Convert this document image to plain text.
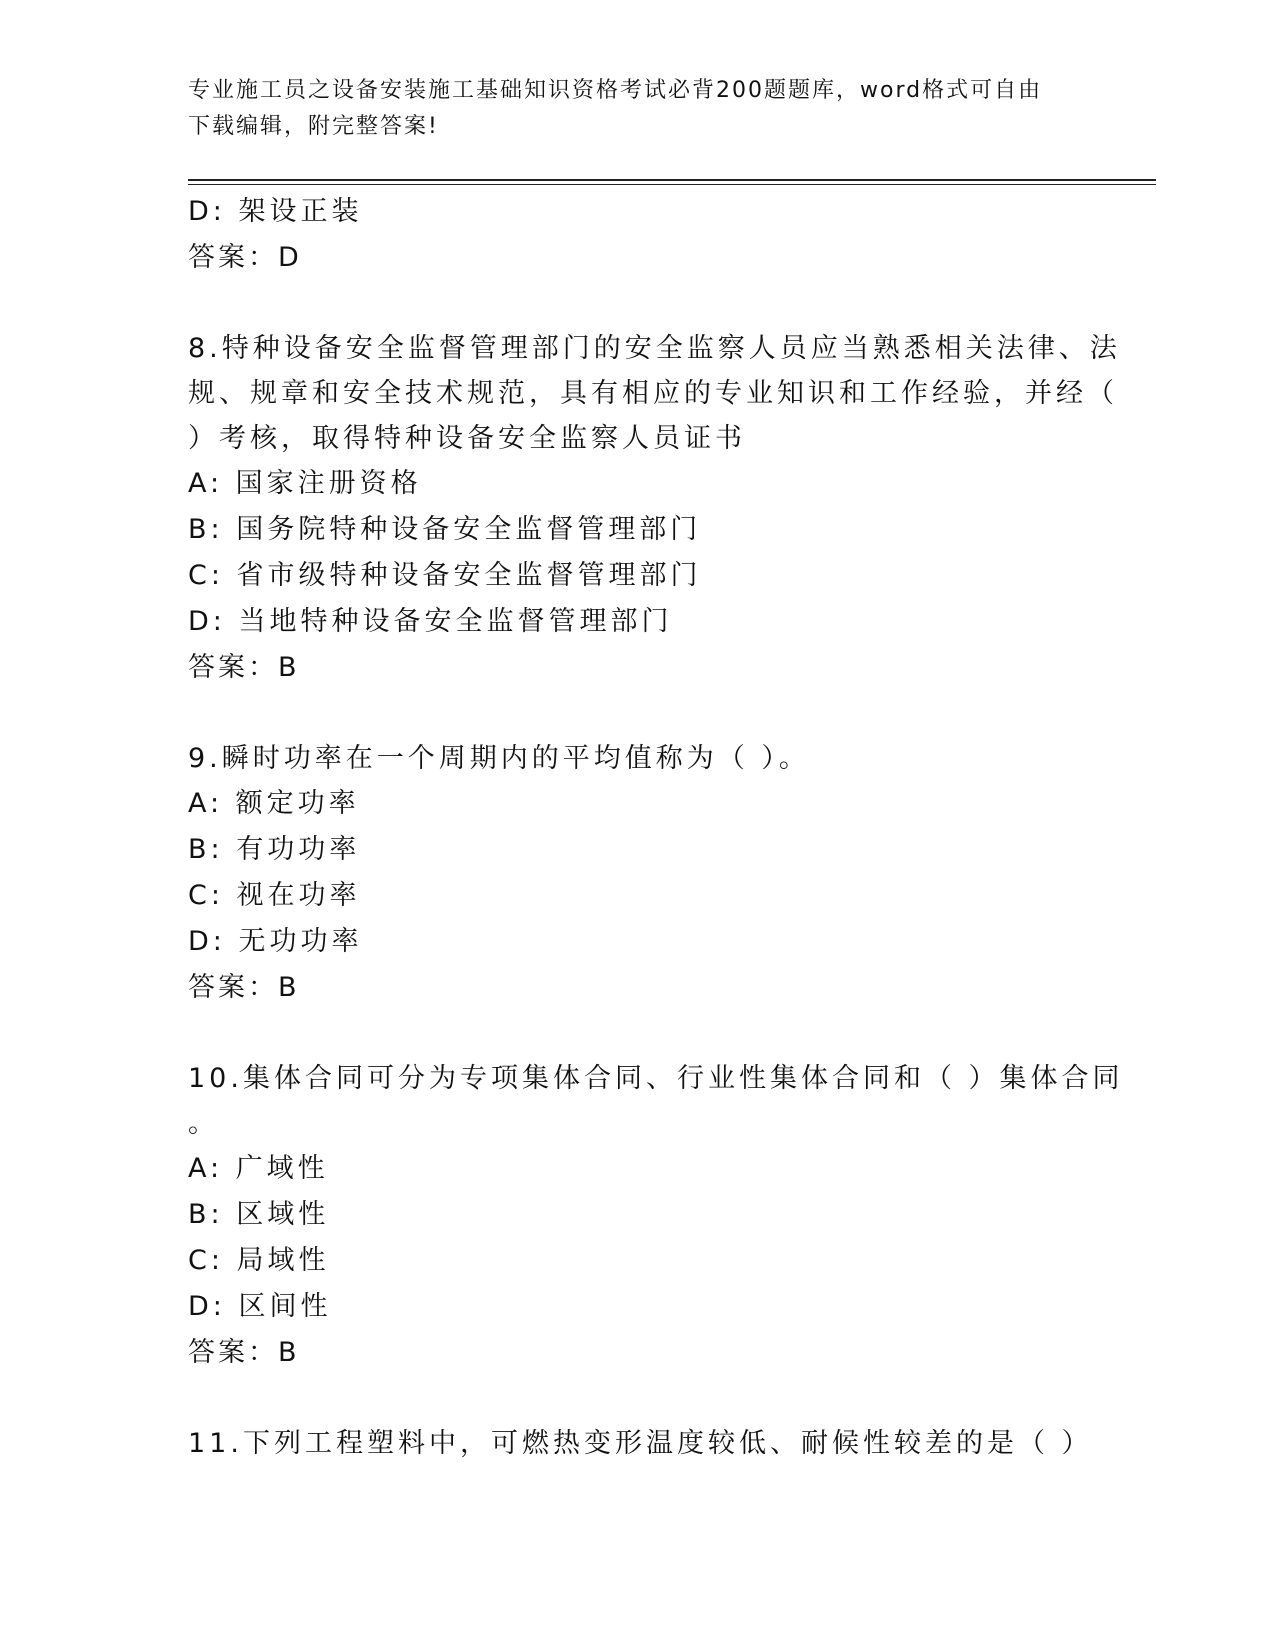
专业施工员之设备安装施工基础知识资格考试必背200题题库，word格式可自由
下载编辑，附完整答案!
D: 架设正装
答案：D
8.特种设备安全监督管理部门的安全监察人员应当熟悉相关法律、法
规、规章和安全技术规范，具有相应的专业知识和工作经验，并经（
）考核，取得特种设备安全监察人员证书
A: 国家注册资格
B: 国务院特种设备安全监督管理部门
C: 省市级特种设备安全监督管理部门
D: 当地特种设备安全监督管理部门
答案：B
9.瞬时功率在一个周期内的平均值称为（ ）。
A: 额定功率
B: 有功功率
C: 视在功率
D: 无功功率
答案：B
10.集体合同可分为专项集体合同、行业性集体合同和（ ）集体合同
。
A: 广域性
B: 区域性
C: 局域性
D: 区间性
答案：B
11.下列工程塑料中，可燃热变形温度较低、耐候性较差的是（ ）
